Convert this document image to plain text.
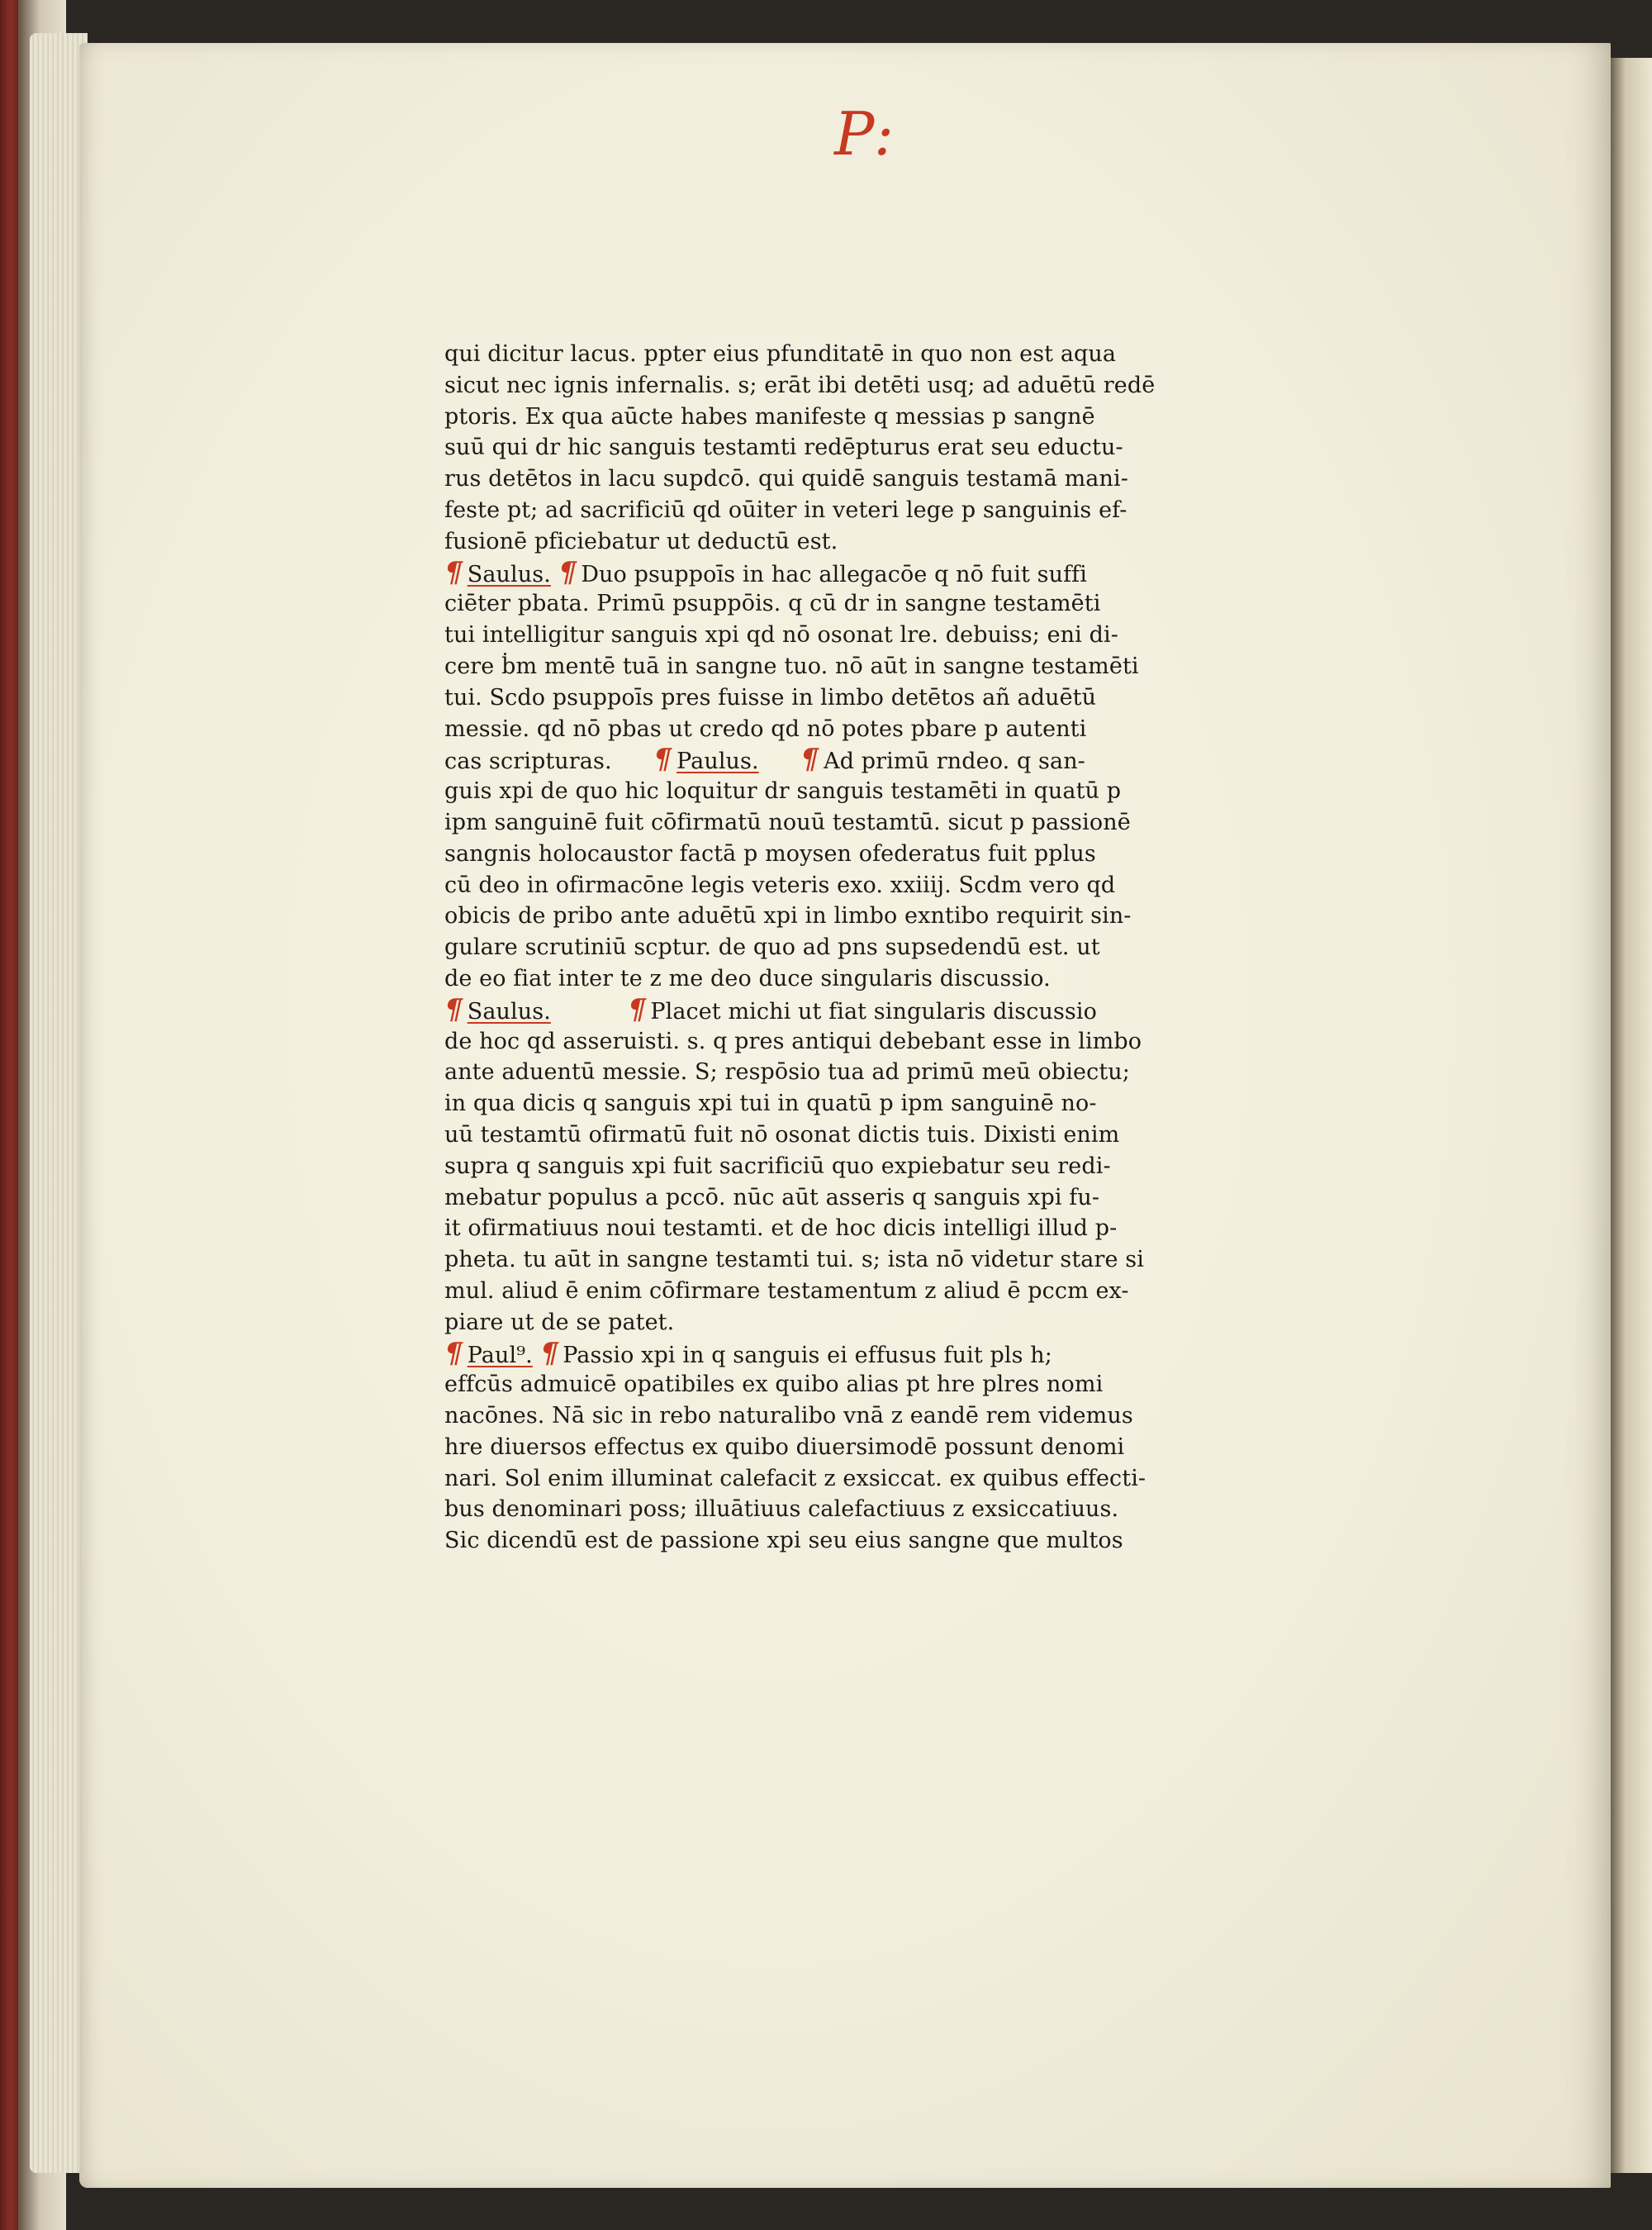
P:
qui dicitur lacus. ppter eius pfunditatē in quo non est aqua
sicut nec ignis infernalis. s; erāt ibi detēti usq; ad aduētū redē
ptoris. Ex qua aūcte habes manifeste q messias p sangnē
suū qui dr hic sanguis testamti redēpturus erat seu eductu-
rus detētos in lacu supdcō. qui quidē sanguis testamā mani-
feste pt; ad sacrificiū qd oūiter in veteri lege p sanguinis ef-
fusionē pficiebatur ut deductū est.
¶Saulus. ¶Duo psuppoīs in hac allegacōe q nō fuit suffi
ciēter pbata. Primū psuppōis. q cū dr in sangne testamēti
tui intelligitur sanguis xpi qd nō osonat lre. debuiss; eni di-
cere ḃm mentē tuā in sangne tuo. nō aūt in sangne testamēti
tui. Scdo psuppoīs pres fuisse in limbo detētos añ aduētū
messie. qd nō pbas ut credo qd nō potes pbare p autenti
cas scripturas. ¶Paulus. ¶Ad primū rndeo. q san-
guis xpi de quo hic loquitur dr sanguis testamēti in quatū p
ipm sanguinē fuit cōfirmatū nouū testamtū. sicut p passionē
sangnis holocaustor factā p moysen ofederatus fuit pplus
cū deo in ofirmacōne legis veteris exo. xxiiij. Scdm vero qd
obicis de pribo ante aduētū xpi in limbo exntibo requirit sin-
gulare scrutiniū scptur. de quo ad pns supsedendū est. ut
de eo fiat inter te z me deo duce singularis discussio.
¶Saulus.	¶Placet michi ut fiat singularis discussio
de hoc qd asseruisti. s. q pres antiqui debebant esse in limbo
ante aduentū messie. S; respōsio tua ad primū meū obiectu;
in qua dicis q sanguis xpi tui in quatū p ipm sanguinē no-
uū testamtū ofirmatū fuit nō osonat dictis tuis. Dixisti enim
supra q sanguis xpi fuit sacrificiū quo expiebatur seu redi-
mebatur populus a pccō. nūc aūt asseris q sanguis xpi fu-
it ofirmatiuus noui testamti. et de hoc dicis intelligi illud p-
pheta. tu aūt in sangne testamti tui. s; ista nō videtur stare si
mul. aliud ē enim cōfirmare testamentum z aliud ē pccm ex-
piare ut de se patet.
¶Paul⁹. ¶Passio xpi in q sanguis ei effusus fuit pls h;
effcūs admuicē opatibiles ex quibo alias pt hre plres nomi
nacōnes. Nā sic in rebo naturalibo vnā z eandē rem videmus
hre diuersos effectus ex quibo diuersimodē possunt denomi
nari. Sol enim illuminat calefacit z exsiccat. ex quibus effecti-
bus denominari poss; illuātiuus calefactiuus z exsiccatiuus.
Sic dicendū est de passione xpi seu eius sangne que multos
